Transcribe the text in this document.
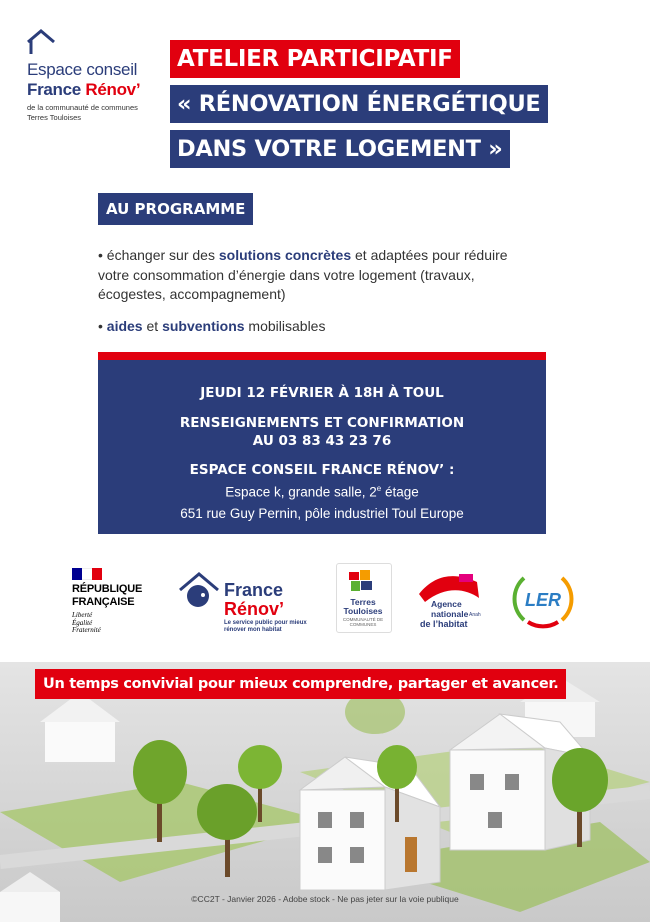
Espace conseil
France Rénov’
de la communauté de communes
Terres Touloises
ATELIER PARTICIPATIF
« RÉNOVATION ÉNERGÉTIQUE
DANS VOTRE LOGEMENT »
AU PROGRAMME

• échanger sur des solutions concrètes et adaptées pour réduire votre consommation d’énergie dans votre logement (travaux, écogestes, accompagnement)

• aides et subventions mobilisables

JEUDI 12 FÉVRIER À 18H À TOUL
RENSEIGNEMENTS ET CONFIRMATION
AU 03 83 43 23 76
ESPACE CONSEIL FRANCE RÉNOV’ :
Espace k, grande salle, 2e étage
651 rue Guy Pernin, pôle industriel Toul Europe
RÉPUBLIQUE
FRANÇAISE
Liberté
Égalité
Fraternité
France
Rénov’
Le service public pour mieux
rénover mon habitat
Terres
Touloises
COMMUNAUTÉ DE COMMUNES
Agence
nationale
de l’habitat
Anah
LER
Un temps convivial pour mieux comprendre, partager et avancer.
©CC2T - Janvier 2026 - Adobe stock - Ne pas jeter sur la voie publique
